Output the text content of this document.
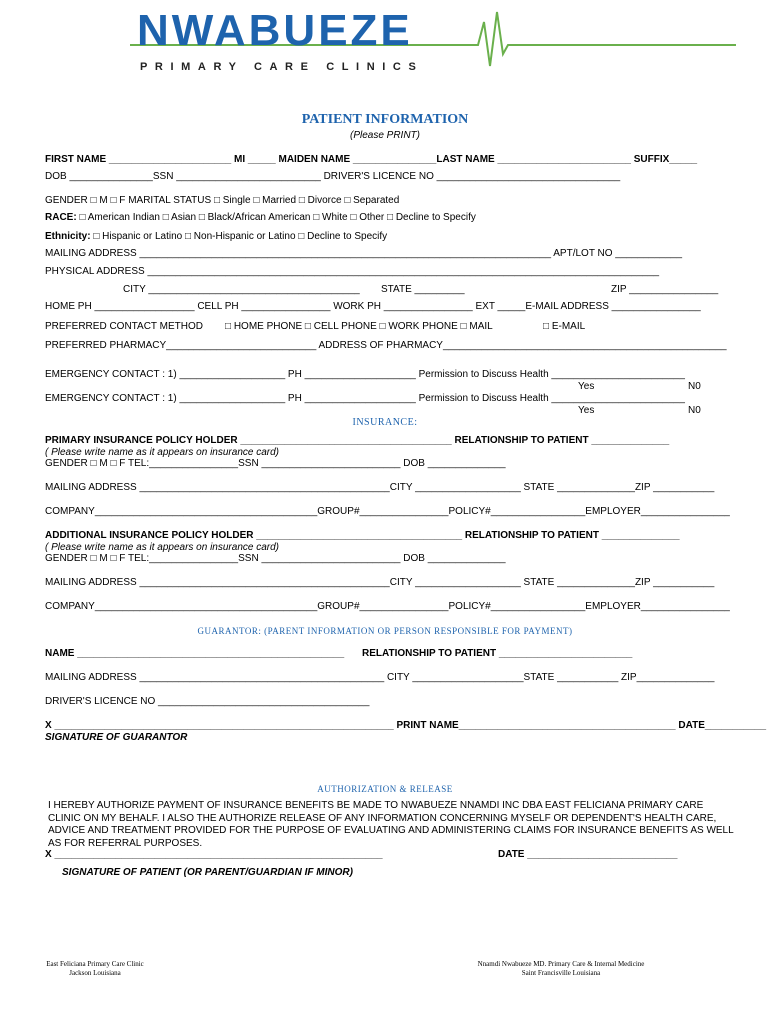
NWABUEZE
PRIMARY CARE CLINICS
PATIENT INFORMATION
(Please PRINT)
FIRST NAME ______________________ MI _____ MAIDEN NAME _______________LAST NAME ________________________ SUFFIX_____
DOB _______________SSN __________________________ DRIVER'S LICENCE NO _________________________________
GENDER □ M □ F MARITAL STATUS □ Single □ Married □ Divorce □ Separated
RACE: □ American Indian □ Asian □ Black/African American □ White □ Other □ Decline to Specify
Ethnicity: □ Hispanic or Latino □ Non-Hispanic or Latino □ Decline to Specify
MAILING ADDRESS __________________________________________________________________________ APT/LOT NO ____________
PHYSICAL ADDRESS ____________________________________________________________________________________________
CITY ______________________________________ STATE _________	ZIP ________________
HOME PH __________________ CELL PH ________________ WORK PH ________________ EXT _____E-MAIL ADDRESS ________________
PREFERRED CONTACT METHOD □ HOME PHONE □ CELL PHONE □ WORK PHONE □ MAIL	□ E-MAIL
PREFERRED PHARMACY___________________________ ADDRESS OF PHARMACY___________________________________________________
EMERGENCY CONTACT : 1) ___________________ PH ____________________ Permission to Discuss Health ________________________
Yes	N0
EMERGENCY CONTACT : 1) ___________________ PH ____________________ Permission to Discuss Health ________________________
Yes	N0
INSURANCE:
PRIMARY INSURANCE POLICY HOLDER ______________________________________ RELATIONSHIP TO PATIENT ______________
( Please write name as it appears on insurance card)
GENDER □ M □ F TEL:________________SSN _________________________ DOB ______________
MAILING ADDRESS _____________________________________________CITY ___________________ STATE ______________ZIP ___________
COMPANY________________________________________GROUP#________________POLICY#_________________EMPLOYER________________
ADDITIONAL INSURANCE POLICY HOLDER _____________________________________ RELATIONSHIP TO PATIENT ______________
( Please write name as it appears on insurance card)
GENDER □ M □ F TEL:________________SSN _________________________ DOB ______________
MAILING ADDRESS _____________________________________________CITY ___________________ STATE ______________ZIP ___________
COMPANY________________________________________GROUP#________________POLICY#_________________EMPLOYER________________
GUARANTOR: (PARENT INFORMATION OR PERSON RESPONSIBLE FOR PAYMENT)
NAME ________________________________________________ RELATIONSHIP TO PATIENT ________________________
MAILING ADDRESS ____________________________________________ CITY ____________________STATE ___________ ZIP______________
DRIVER'S LICENCE NO ______________________________________
X _____________________________________________________________ PRINT NAME_______________________________________ DATE___________
SIGNATURE OF GUARANTOR
AUTHORIZATION & RELEASE
I HEREBY AUTHORIZE PAYMENT OF INSURANCE BENEFITS BE MADE TO NWABUEZE NNAMDI INC DBA EAST FELICIANA PRIMARY CARE CLINIC ON MY BEHALF. I ALSO THE AUTHORIZE RELEASE OF ANY INFORMATION CONCERNING MYSELF OR DEPENDENT'S HEALTH CARE, ADVICE AND TREATMENT PROVIDED FOR THE PURPOSE OF EVALUATING AND ADMINISTERING CLAIMS FOR INSURANCE BENEFITS AS WELL AS FOR REFERRAL PURPOSES.
X ___________________________________________________________	DATE ___________________________
SIGNATURE OF PATIENT (OR PARENT/GUARDIAN IF MINOR)
East Feliciana Primary Care Clinic
Jackson Louisiana
Nnamdi Nwabueze MD. Primary Care & Internal Medicine
Saint Francisville Louisiana
